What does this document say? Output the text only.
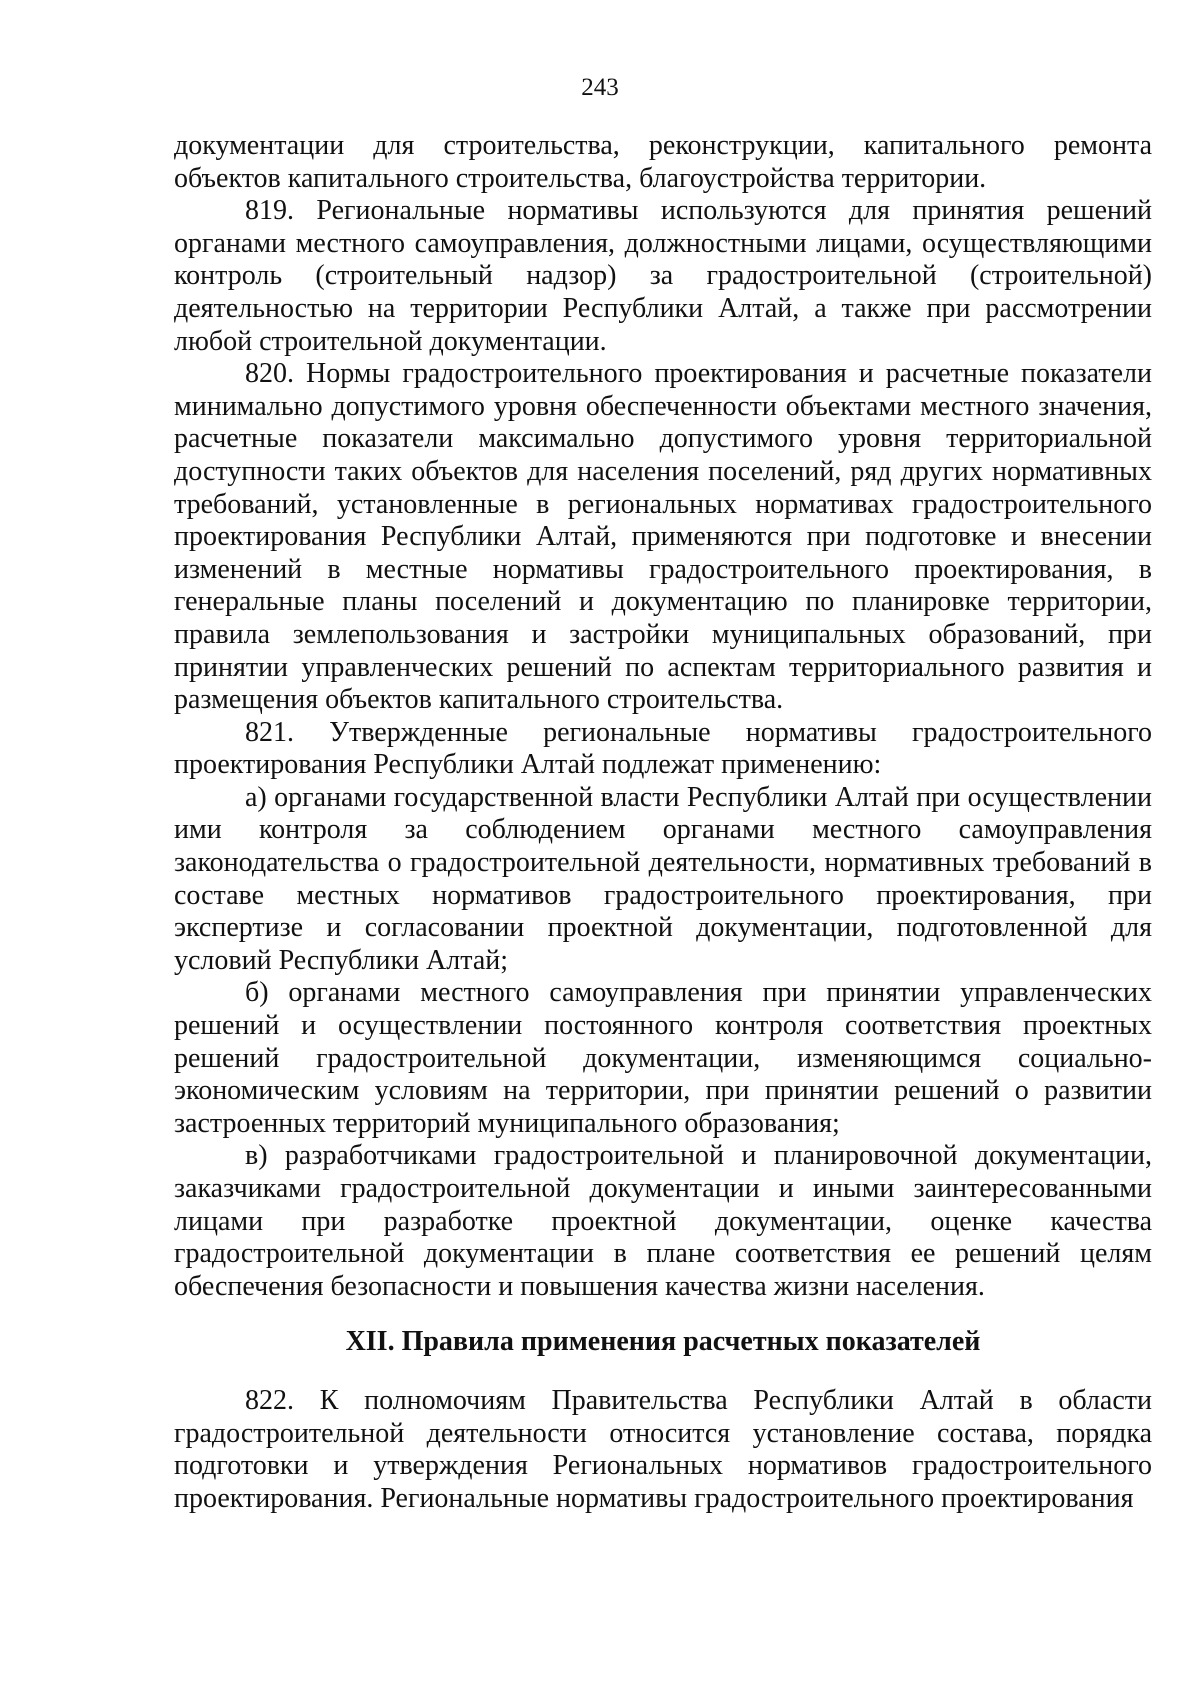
243

документации для строительства, реконструкции, капитального ремонта объектов капитального строительства, благоустройства территории.

819. Региональные нормативы используются для принятия решений органами местного самоуправления, должностными лицами, осуществляющими контроль (строительный надзор) за градостроительной (строительной) деятельностью на территории Республики Алтай, а также при рассмотрении любой строительной документации.

820. Нормы градостроительного проектирования и расчетные показатели минимально допустимого уровня обеспеченности объектами местного значения, расчетные показатели максимально допустимого уровня территориальной доступности таких объектов для населения поселений, ряд других нормативных требований, установленные в региональных нормативах градостроительного проектирования Республики Алтай, применяются при подготовке и внесении изменений в местные нормативы градостроительного проектирования, в генеральные планы поселений и документацию по планировке территории, правила землепользования и застройки муниципальных образований, при принятии управленческих решений по аспектам территориального развития и размещения объектов капитального строительства.

821. Утвержденные региональные нормативы градостроительного проектирования Республики Алтай подлежат применению:

а) органами государственной власти Республики Алтай при осуществлении ими контроля за соблюдением органами местного самоуправления законодательства о градостроительной деятельности, нормативных требований в составе местных нормативов градостроительного проектирования, при экспертизе и согласовании проектной документации, подготовленной для условий Республики Алтай;

б) органами местного самоуправления при принятии управленческих решений и осуществлении постоянного контроля соответствия проектных решений градостроительной документации, изменяющимся социально-экономическим условиям на территории, при принятии решений о развитии застроенных территорий муниципального образования;

в) разработчиками градостроительной и планировочной документации, заказчиками градостроительной документации и иными заинтересованными лицами при разработке проектной документации, оценке качества градостроительной документации в плане соответствия ее решений целям обеспечения безопасности и повышения качества жизни населения.

XII. Правила применения расчетных показателей

822. К полномочиям Правительства Республики Алтай в области градостроительной деятельности относится установление состава, порядка подготовки и утверждения Региональных нормативов градостроительного проектирования. Региональные нормативы градостроительного проектирования
